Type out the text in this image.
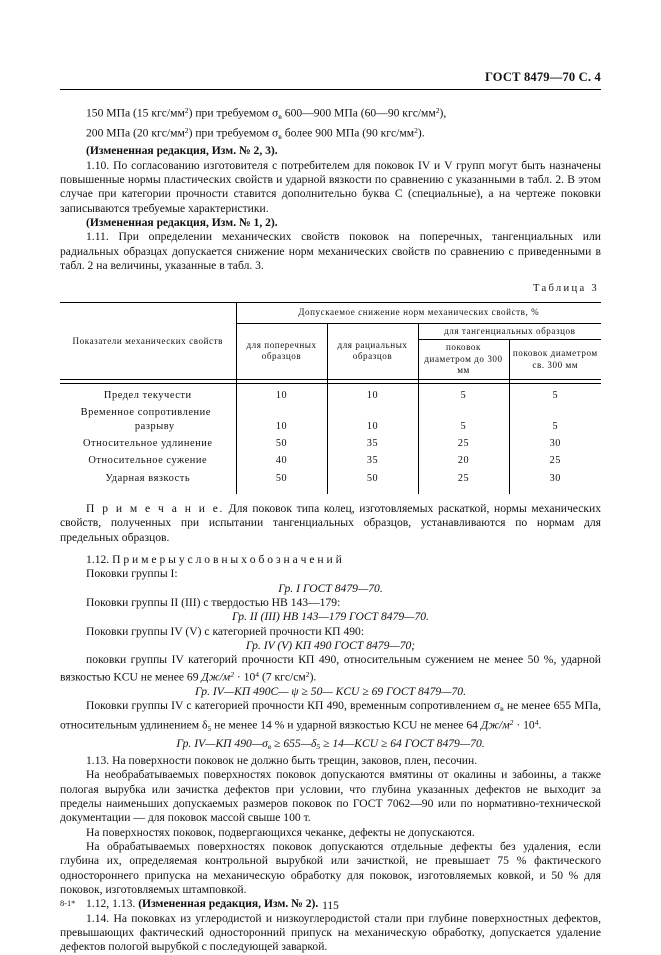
ГОСТ 8479—70 С. 4

150 МПа (15 кгс/$мм^2$) при требуемом $\sigma_в$ 600—900 МПа (60—90 кгс/$мм^2$),

200 МПа (20 кгс/$мм^2$) при требуемом $\sigma_в$ более 900 МПа (90 кгс/$мм^2$).

(Измененная редакция, Изм. № 2, 3).

1.10. По согласованию изготовителя с потребителем для поковок IV и V групп могут быть назначены повышенные нормы пластических свойств и ударной вязкости по сравнению с указанными в табл. 2. В этом случае при категории прочности ставится дополнительно буква С (специальные), а на чертеже поковки записываются требуемые характеристики.

(Измененная редакция, Изм. № 1, 2).

1.11. При определении механических свойств поковок на поперечных, тангенциальных или радиальных образцах допускается снижение норм механических свойств по сравнению с приведенными в табл. 2 на величины, указанные в табл. 3.

Таблица 3
Показатели механических свойств	Допускаемое снижение норм механических свойств, %			
	для поперечных образцов	для рациальных образцов	для тангенциальных образцов	
			поковок диаметром до 300 мм	поковок диаметром св. 300 мм

Предел текучести	10	10	5	5
Временное сопротивление разрыву	10	10	5	5
Относительное удлинение	50	35	25	30
Относительное сужение	40	35	20	25
Ударная вязкость	50	50	25	30

П р и м е ч а н и е. Для поковок типа колец, изготовляемых раскаткой, нормы механических свойств, полученных при испытании тангенциальных образцов, устанавливаются по нормам для предельных образцов.

1.12. П р и м е р ы у с л о в н ы х о б о з н а ч е н и й

Поковки группы I:

Гр. I ГОСТ 8479—70.

Поковки группы II (III) с твердостью НВ 143—179:

Гр. II (III) НВ 143—179 ГОСТ 8479—70.

Поковки группы IV (V) с категорией прочности КП 490:

Гр. IV (V) КП 490 ГОСТ 8479—70;

поковки группы IV категорий прочности КП 490, относительным сужением не менее 50 %, ударной вязкостью KCU не менее 69 $Дж/м^2 \cdot 10^4$ (7 кгс/$см^2$).

Гр. IV—КП 490С— ψ ≥ 50— KCU ≥ 69 ГОСТ 8479—70.

Поковки группы IV с категорией прочности КП 490, временным сопротивлением $\sigma_в$ не менее 655 МПа, относительным удлинением $\delta_5$ не менее 14 % и ударной вязкостью KCU не менее 64 $Дж/м^2 \cdot 10^4$.

Гр. IV—КП $490—\sigma_в$ ≥ $655—\delta_5$ ≥ 14—KCU ≥ 64 ГОСТ 8479—70.

1.13. На поверхности поковок не должно быть трещин, заковов, плен, песочин.

На необрабатываемых поверхностях поковок допускаются вмятины от окалины и забоины, а также пологая вырубка или зачистка дефектов при условии, что глубина указанных дефектов не выходит за пределы наименьших допускаемых размеров поковок по ГОСТ 7062—90 или по нормативно-технической документации — для поковок массой свыше 100 т.

На поверхностях поковок, подвергающихся чеканке, дефекты не допускаются.

На обрабатываемых поверхностях поковок допускаются отдельные дефекты без удаления, если глубина их, определяемая контрольной вырубкой или зачисткой, не превышает 75 % фактического одностороннего припуска на механическую обработку для поковок, изготовляемых ковкой, и 50 % для поковок, изготовляемых штамповкой.

1.12, 1.13. (Измененная редакция, Изм. № 2).

1.14. На поковках из углеродистой и низкоуглеродистой стали при глубине поверхностных дефектов, превышающих фактический односторонний припуск на механическую обработку, допускается удаление дефектов пологой вырубкой с последующей заваркой.

8-1*	115
